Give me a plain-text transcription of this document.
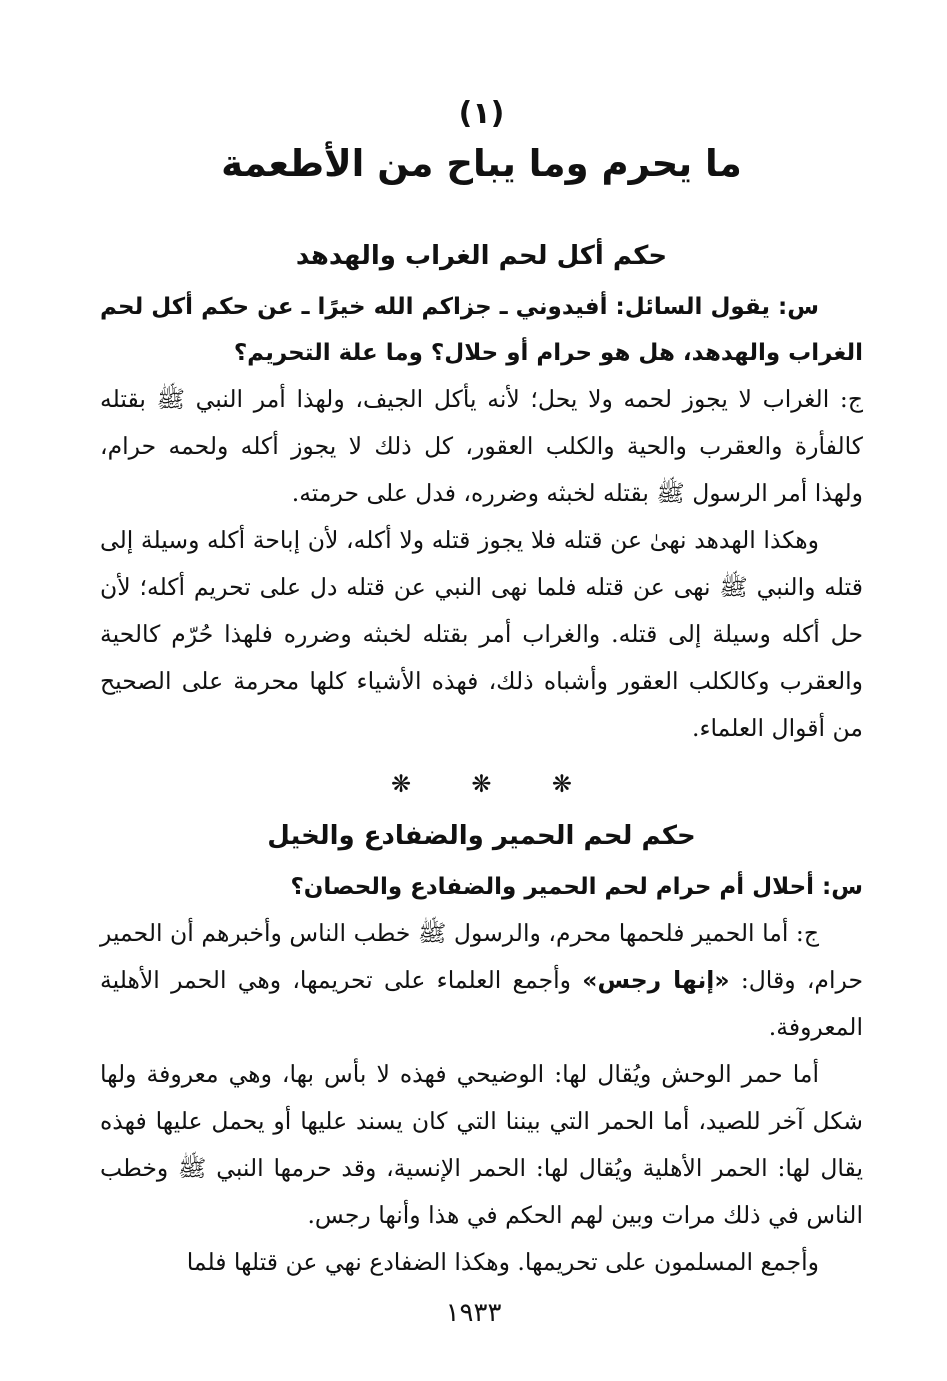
(١)

ما يحرم وما يباح من الأطعمة
حكم أكل لحم الغراب والهدهد

س: يقول السائل: أفيدوني ـ جزاكم الله خيرًا ـ عن حكم أكل لحم الغراب والهدهد، هل هو حرام أو حلال؟ وما علة التحريم؟

ج: الغراب لا يجوز لحمه ولا يحل؛ لأنه يأكل الجيف، ولهذا أمر النبي ﷺ بقتله كالفأرة والعقرب والحية والكلب العقور، كل ذلك لا يجوز أكله ولحمه حرام، ولهذا أمر الرسول ﷺ بقتله لخبثه وضرره، فدل على حرمته.

وهكذا الهدهد نهىٰ عن قتله فلا يجوز قتله ولا أكله، لأن إباحة أكله وسيلة إلى قتله والنبي ﷺ نهى عن قتله فلما نهى النبي عن قتله دل على تحريم أكله؛ لأن حل أكله وسيلة إلى قتله. والغراب أمر بقتله لخبثه وضرره فلهذا حُرّم كالحية والعقرب وكالكلب العقور وأشباه ذلك، فهذه الأشياء كلها محرمة على الصحيح من أقوال العلماء.

❋ ❋ ❋
حكم لحم الحمير والضفادع والخيل

س: أحلال أم حرام لحم الحمير والضفادع والحصان؟

ج: أما الحمير فلحمها محرم، والرسول ﷺ خطب الناس وأخبرهم أن الحمير حرام، وقال: «إنها رجس» وأجمع العلماء على تحريمها، وهي الحمر الأهلية المعروفة.

أما حمر الوحش ويُقال لها: الوضيحي فهذه لا بأس بها، وهي معروفة ولها شكل آخر للصيد، أما الحمر التي بيننا التي كان يسند عليها أو يحمل عليها فهذه يقال لها: الحمر الأهلية ويُقال لها: الحمر الإنسية، وقد حرمها النبي ﷺ وخطب الناس في ذلك مرات وبين لهم الحكم في هذا وأنها رجس.

وأجمع المسلمون على تحريمها. وهكذا الضفادع نهي عن قتلها فلما

١٩٣٣
